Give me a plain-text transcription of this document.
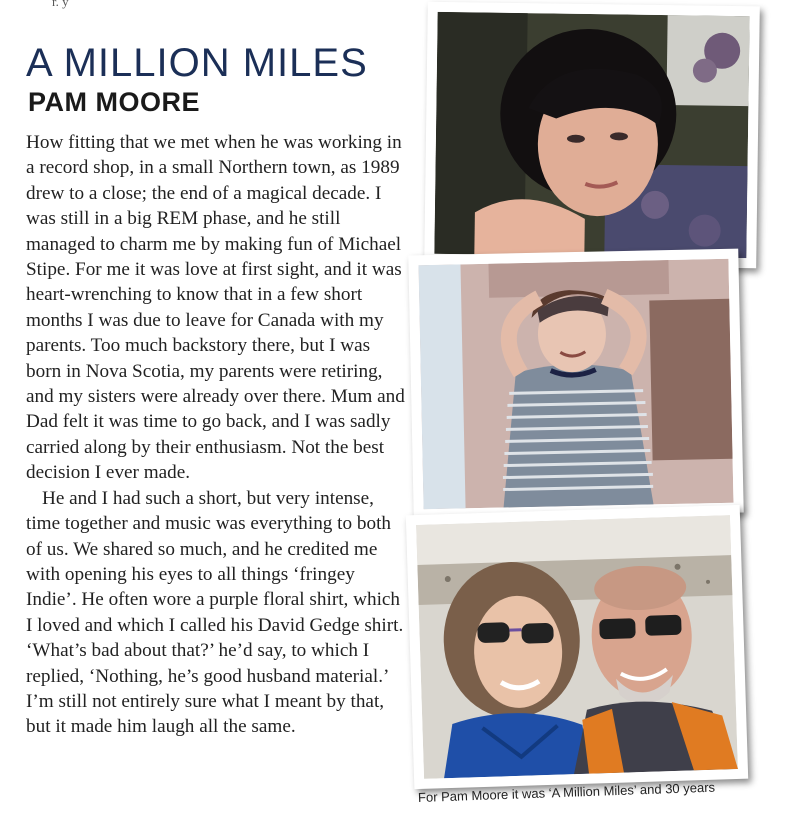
r. y
A MILLION MILES
PAM MOORE

How fitting that we met when he was working in a record shop, in a small Northern town, as 1989 drew to a close; the end of a magical decade. I was still in a big REM phase, and he still managed to charm me by making fun of Michael Stipe. For me it was love at first sight, and it was heart-wrenching to know that in a few short months I was due to leave for Canada with my parents. Too much backstory there, but I was born in Nova Scotia, my parents were retiring, and my sisters were already over there. Mum and Dad felt it was time to go back, and I was sadly carried along by their enthusiasm. Not the best decision I ever made.

He and I had such a short, but very intense, time together and music was everything to both of us. We shared so much, and he credited me with opening his eyes to all things ‘fringey Indie’. He often wore a purple floral shirt, which I loved and which I called his David Gedge shirt. ‘What’s bad about that?’ he’d say, to which I replied, ‘Nothing, he’s good husband material.’ I’m still not entirely sure what I meant by that, but it made him laugh all the same.

For Pam Moore it was ‘A Million Miles’ and 30 years
